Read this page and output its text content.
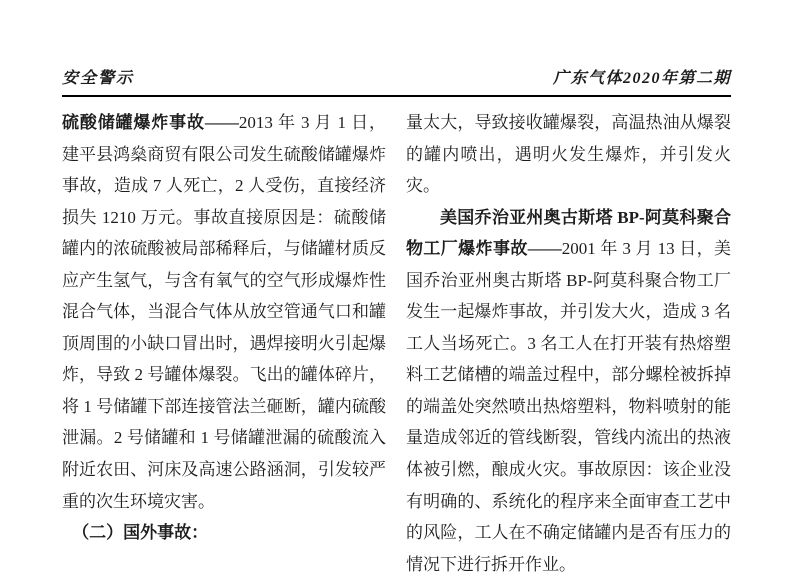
安全警示	广东气体2020年第二期

硫酸储罐爆炸事故——2013 年 3 月 1 日，建平县鸿燊商贸有限公司发生硫酸储罐爆炸事故，造成 7 人死亡，2 人受伤，直接经济损失 1210 万元。事故直接原因是：硫酸储罐内的浓硫酸被局部稀释后，与储罐材质反应产生氢气，与含有氧气的空气形成爆炸性混合气体，当混合气体从放空管通气口和罐顶周围的小缺口冒出时，遇焊接明火引起爆炸，导致 2 号罐体爆裂。飞出的罐体碎片，将 1 号储罐下部连接管法兰砸断，罐内硫酸泄漏。2 号储罐和 1 号储罐泄漏的硫酸流入附近农田、河床及高速公路涵洞，引发较严重的次生环境灾害。

（二）国外事故：

量太大，导致接收罐爆裂，高温热油从爆裂的罐内喷出，遇明火发生爆炸，并引发火灾。

美国乔治亚州奥古斯塔 BP-阿莫科聚合物工厂爆炸事故——2001 年 3 月 13 日，美国乔治亚州奥古斯塔 BP-阿莫科聚合物工厂发生一起爆炸事故，并引发大火，造成 3 名工人当场死亡。3 名工人在打开装有热熔塑料工艺储槽的端盖过程中，部分螺栓被拆掉的端盖处突然喷出热熔塑料，物料喷射的能量造成邻近的管线断裂，管线内流出的热液体被引燃，酿成火灾。事故原因：该企业没有明确的、系统化的程序来全面审查工艺中的风险，工人在不确定储罐内是否有压力的情况下进行拆开作业。
